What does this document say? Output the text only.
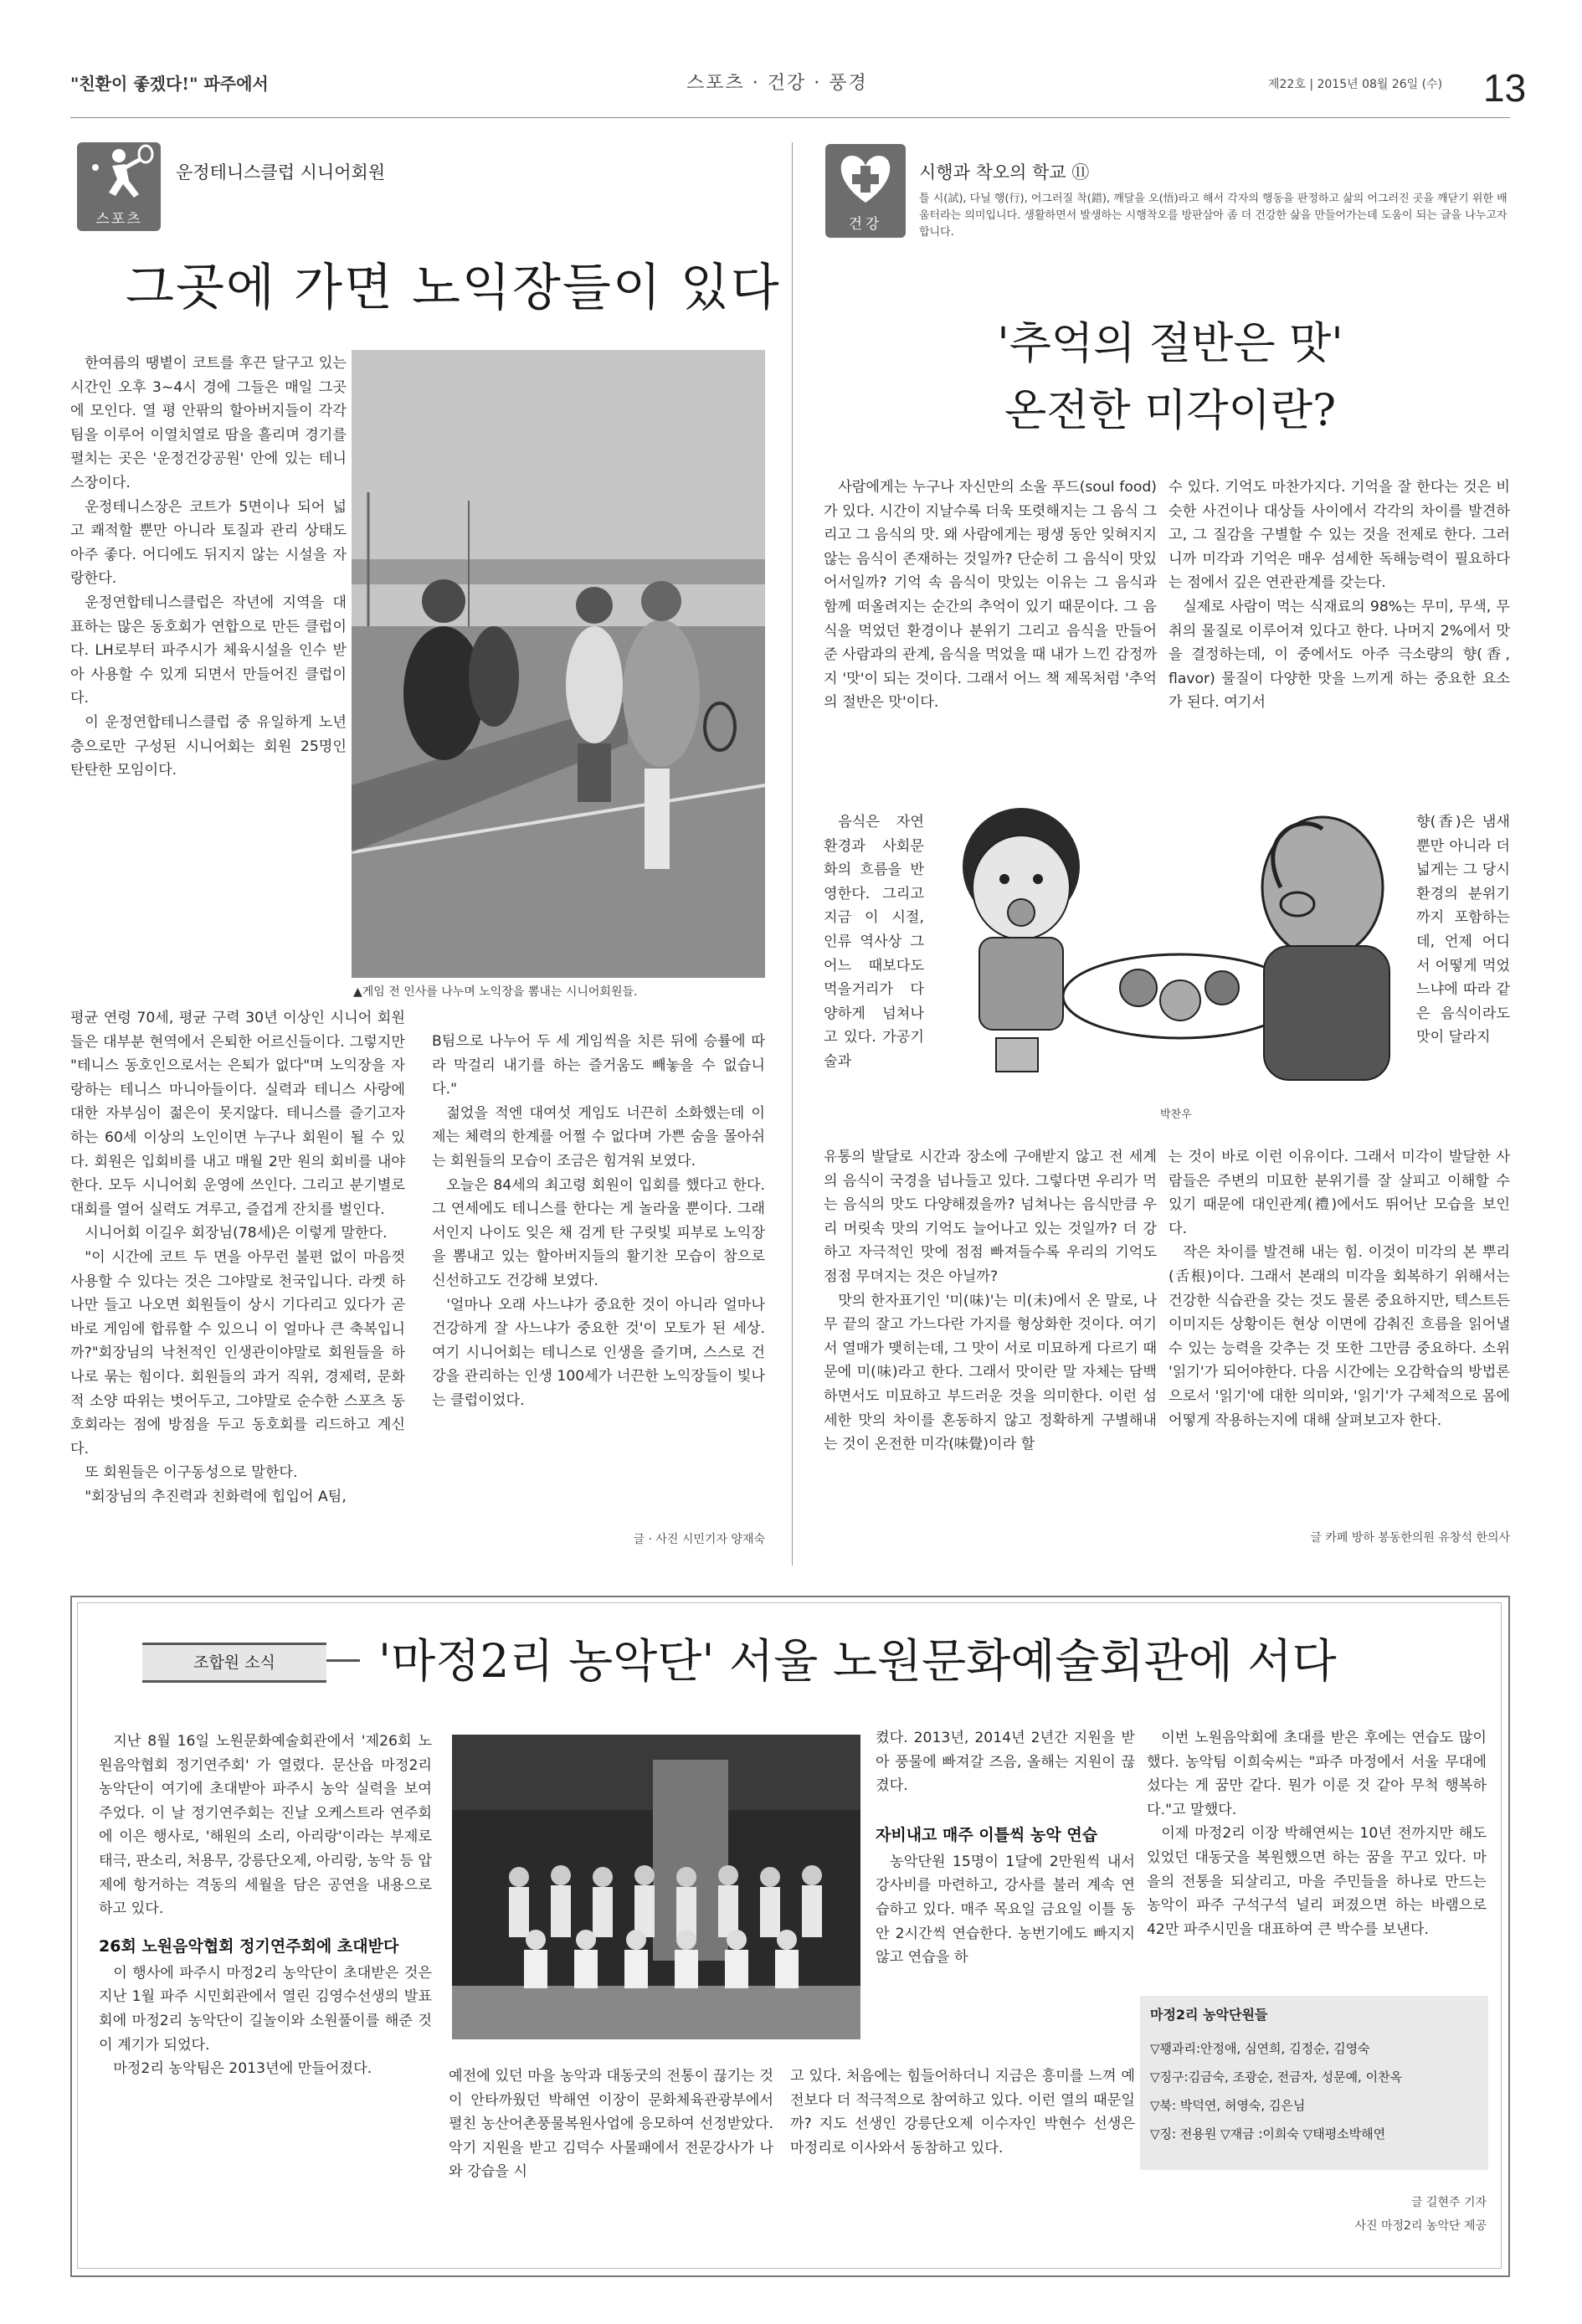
"친환이 좋겠다!" 파주에서	스포츠 · 건강 · 풍경	제22호 | 2015년 08월 26일 (수) 13
스포츠
운정테니스클럽 시니어회원
그곳에 가면 노익장들이 있다

한여름의 땡볕이 코트를 후끈 달구고 있는 시간인 오후 3~4시 경에 그들은 매일 그곳에 모인다. 열 평 안팎의 할아버지들이 각각 팀을 이루어 이열치열로 땀을 흘리며 경기를 펼치는 곳은 '운정건강공원' 안에 있는 테니스장이다.

운정테니스장은 코트가 5면이나 되어 넓고 쾌적할 뿐만 아니라 토질과 관리 상태도 아주 좋다. 어디에도 뒤지지 않는 시설을 자랑한다.

운정연합테니스클럽은 작년에 지역을 대표하는 많은 동호회가 연합으로 만든 클럽이다. LH로부터 파주시가 체육시설을 인수 받아 사용할 수 있게 되면서 만들어진 클럽이다.

이 운정연합테니스클럽 중 유일하게 노년층으로만 구성된 시니어회는 회원 25명인 탄탄한 모임이다.

▲게임 전 인사를 나누며 노익장을 뽐내는 시니어회원들.

평균 연령 70세, 평균 구력 30년 이상인 시니어 회원들은 대부분 현역에서 은퇴한 어르신들이다. 그렇지만 "테니스 동호인으로서는 은퇴가 없다"며 노익장을 자랑하는 테니스 마니아들이다. 실력과 테니스 사랑에 대한 자부심이 젊은이 못지않다. 테니스를 즐기고자 하는 60세 이상의 노인이면 누구나 회원이 될 수 있다. 회원은 입회비를 내고 매월 2만 원의 회비를 내야한다. 모두 시니어회 운영에 쓰인다. 그리고 분기별로 대회를 열어 실력도 겨루고, 즐겁게 잔치를 벌인다.

시니어회 이길우 회장님(78세)은 이렇게 말한다.

"이 시간에 코트 두 면을 아무런 불편 없이 마음껏 사용할 수 있다는 것은 그야말로 천국입니다. 라켓 하나만 들고 나오면 회원들이 상시 기다리고 있다가 곧바로 게임에 합류할 수 있으니 이 얼마나 큰 축복입니까?"회장님의 낙천적인 인생관이야말로 회원들을 하나로 묶는 힘이다. 회원들의 과거 직위, 경제력, 문화적 소양 따위는 벗어두고, 그야말로 순수한 스포츠 동호회라는 점에 방점을 두고 동호회를 리드하고 계신다.

또 회원들은 이구동성으로 말한다.

"회장님의 추진력과 친화력에 힙입어 A팀,

B팀으로 나누어 두 세 게임씩을 치른 뒤에 승률에 따라 막걸리 내기를 하는 즐거움도 빼놓을 수 없습니다."

젊었을 적엔 대여섯 게임도 너끈히 소화했는데 이제는 체력의 한계를 어쩔 수 없다며 가쁜 숨을 몰아쉬는 회원들의 모습이 조금은 힘겨워 보였다.

오늘은 84세의 최고령 회원이 입회를 했다고 한다.그 연세에도 테니스를 한다는 게 놀라울 뿐이다. 그래서인지 나이도 잊은 채 검게 탄 구릿빛 피부로 노익장을 뽐내고 있는 할아버지들의 활기찬 모습이 참으로 신선하고도 건강해 보였다.

'얼마나 오래 사느냐가 중요한 것이 아니라 얼마나 건강하게 잘 사느냐가 중요한 것'이 모토가 된 세상. 여기 시니어회는 테니스로 인생을 즐기며, 스스로 건강을 관리하는 인생 100세가 너끈한 노익장들이 빛나는 클럽이었다.

글 · 사진 시민기자 양재숙
건강
시행과 착오의 학교 ⑪
틀 시(試), 다닐 행(行), 어그러질 착(錯), 깨달을 오(悟)라고 해서 각자의 행동을 판정하고 삶의 어그러진 곳을 깨닫기 위한 배움터라는 의미입니다. 생활하면서 발생하는 시행착오를 방판삼아 좀 더 건강한 삶을 만들어가는데 도움이 되는 글을 나누고자 합니다.
'추억의 절반은 맛'
온전한 미각이란?

사람에게는 누구나 자신만의 소울 푸드(soul food)가 있다. 시간이 지날수록 더욱 또렷해지는 그 음식 그리고 그 음식의 맛. 왜 사람에게는 평생 동안 잊혀지지 않는 음식이 존재하는 것일까? 단순히 그 음식이 맛있어서일까? 기억 속 음식이 맛있는 이유는 그 음식과 함께 떠올려지는 순간의 추억이 있기 때문이다. 그 음식을 먹었던 환경이나 분위기 그리고 음식을 만들어준 사람과의 관계, 음식을 먹었을 때 내가 느낀 감정까지 '맛'이 되는 것이다. 그래서 어느 책 제목처럼 '추억의 절반은 맛'이다.

음식은 자연환경과 사회문화의 흐름을 반영한다. 그리고 지금 이 시절, 인류 역사상 그 어느 때보다도 먹을거리가 다양하게 넘쳐나고 있다. 가공기술과

박찬우

유통의 발달로 시간과 장소에 구애받지 않고 전 세계의 음식이 국경을 넘나들고 있다. 그렇다면 우리가 먹는 음식의 맛도 다양해졌을까? 넘쳐나는 음식만큼 우리 머릿속 맛의 기억도 늘어나고 있는 것일까? 더 강하고 자극적인 맛에 점점 빠져들수록 우리의 기억도 점점 무뎌지는 것은 아닐까?

맛의 한자표기인 '미(味)'는 미(未)에서 온 말로, 나무 끝의 잘고 가느다란 가지를 형상화한 것이다. 여기서 열매가 맺히는데, 그 맛이 서로 미묘하게 다르기 때문에 미(味)라고 한다. 그래서 맛이란 말 자체는 담백하면서도 미묘하고 부드러운 것을 의미한다. 이런 섬세한 맛의 차이를 혼동하지 않고 정확하게 구별해내는 것이 온전한 미각(味覺)이라 할

수 있다. 기억도 마찬가지다. 기억을 잘 한다는 것은 비슷한 사건이나 대상들 사이에서 각각의 차이를 발견하고, 그 질감을 구별할 수 있는 것을 전제로 한다. 그러니까 미각과 기억은 매우 섬세한 독해능력이 필요하다는 점에서 깊은 연관관계를 갖는다.

실제로 사람이 먹는 식재료의 98%는 무미, 무색, 무취의 물질로 이루어져 있다고 한다. 나머지 2%에서 맛을 결정하는데, 이 중에서도 아주 극소량의 향(香, flavor) 물질이 다양한 맛을 느끼게 하는 중요한 요소가 된다. 여기서

향(香)은 냄새뿐만 아니라 더 넓게는 그 당시 환경의 분위기까지 포함하는데, 언제 어디서 어떻게 먹었느냐에 따라 같은 음식이라도 맛이 달라지

는 것이 바로 이런 이유이다. 그래서 미각이 발달한 사람들은 주변의 미묘한 분위기를 잘 살피고 이해할 수 있기 때문에 대인관계(禮)에서도 뛰어난 모습을 보인다.

작은 차이를 발견해 내는 힘. 이것이 미각의 본 뿌리(舌根)이다. 그래서 본래의 미각을 회복하기 위해서는 건강한 식습관을 갖는 것도 물론 중요하지만, 텍스트든 이미지든 상황이든 현상 이면에 감춰진 흐름을 읽어낼 수 있는 능력을 갖추는 것 또한 그만큼 중요하다. 소위 '읽기'가 되어야한다. 다음 시간에는 오감학습의 방법론으로서 '읽기'에 대한 의미와, '읽기'가 구체적으로 몸에 어떻게 작용하는지에 대해 살펴보고자 한다.

글 카페 방하 봉동한의원 유창석 한의사
조합원 소식	'마정2리 농악단' 서울 노원문화예술회관에 서다

지난 8월 16일 노원문화예술회관에서 '제26회 노원음악협회 정기연주회' 가 열렸다. 문산읍 마정2리 농악단이 여기에 초대받아 파주시 농악 실력을 보여주었다. 이 날 정기연주회는 진날 오케스트라 연주회에 이은 행사로, '해원의 소리, 아리랑'이라는 부제로 태극, 판소리, 처용무, 강릉단오제, 아리랑, 농악 등 압제에 항거하는 격동의 세월을 담은 공연을 내용으로 하고 있다.

26회 노원음악협회 정기연주회에 초대받다

이 행사에 파주시 마정2리 농악단이 초대받은 것은 지난 1월 파주 시민회관에서 열린 김영수선생의 발표회에 마정2리 농악단이 길놀이와 소원풀이를 해준 것이 계기가 되었다.

마정2리 농악팀은 2013년에 만들어졌다.	예전에 있던 마을 농악과 대동굿의 전통이 끊기는 것이 안타까웠던 박해연 이장이 문화체육관광부에서 펼친 농산어촌풍물복원사업에 응모하여 선정받았다. 악기 지원을 받고 김덕수 사물패에서 전문강사가 나와 강습을 시

켰다. 2013년, 2014년 2년간 지원을 받아 풍물에 빠져갈 즈음, 올해는 지원이 끊겼다.

자비내고 매주 이틀씩 농악 연습

농악단원 15명이 1달에 2만원씩 내서 강사비를 마련하고, 강사를 불러 계속 연습하고 있다. 매주 목요일 금요일 이틀 동안 2시간씩 연습한다. 농번기에도 빠지지 않고 연습을 하

고 있다. 처음에는 힘들어하더니 지금은 흥미를 느껴 예전보다 더 적극적으로 참여하고 있다. 이런 열의 때문일까? 지도 선생인 강릉단오제 이수자인 박현수 선생은 마정리로 이사와서 동참하고 있다.

이번 노원음악회에 초대를 받은 후에는 연습도 많이 했다. 농악팀 이희숙씨는 "파주 마정에서 서울 무대에 섰다는 게 꿈만 같다. 뭔가 이룬 것 같아 무척 행복하다."고 말했다.

이제 마정2리 이장 박해연씨는 10년 전까지만 해도 있었던 대동굿을 복원했으면 하는 꿈을 꾸고 있다. 마을의 전통을 되살리고, 마을 주민들을 하나로 만드는 농악이 파주 구석구석 널리 퍼졌으면 하는 바램으로 42만 파주시민을 대표하여 큰 박수를 보낸다.

마정2리 농악단원들
▽꽹과리:안정애, 심연희, 김정순, 김영숙
▽징구:김금숙, 조광순, 전금자, 성문예, 이찬옥
▽북: 박덕연, 허영숙, 김은님
▽징: 전용원 ▽재금 :이희숙 ▽태평소박해연
글 길현주 기자
사진 마정2리 농악단 제공
